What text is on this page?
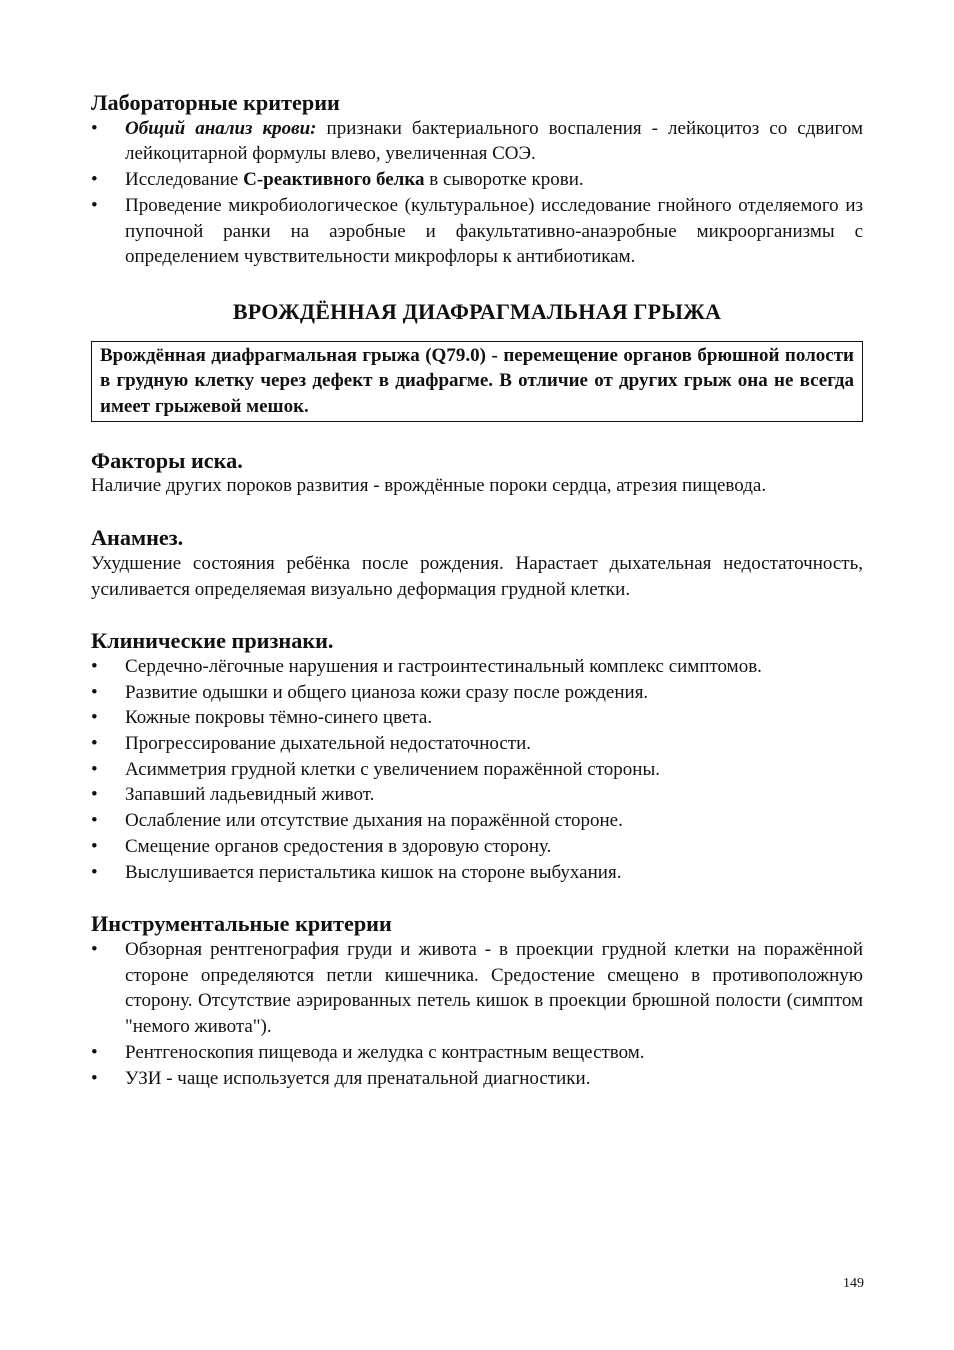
Лабораторные критерии
• Общий анализ крови: признаки бактериального воспаления - лейкоцитоз со сдвигом лейкоцитарной формулы влево, увеличенная СОЭ.
• Исследование С-реактивного белка в сыворотке крови.
• Проведение микробиологическое (культуральное) исследование гнойного отделяемого из пупочной ранки на аэробные и факультативно-анаэробные микроорганизмы с определением чувствительности микрофлоры к антибиотикам.
ВРОЖДЁННАЯ ДИАФРАГМАЛЬНАЯ ГРЫЖА
Врождённая диафрагмальная грыжа (Q79.0) - перемещение органов брюшной полости в грудную клетку через дефект в диафрагме. В отличие от других грыж она не всегда имеет грыжевой мешок.
Факторы иска.

Наличие других пороков развития - врождённые пороки сердца, атрезия пищевода.

Анамнез.

Ухудшение состояния ребёнка после рождения. Нарастает дыхательная недостаточность, усиливается определяемая визуально деформация грудной клетки.

Клинические признаки.
• Сердечно-лёгочные нарушения и гастроинтестинальный комплекс симптомов.
• Развитие одышки и общего цианоза кожи сразу после рождения.
• Кожные покровы тёмно-синего цвета.
• Прогрессирование дыхательной недостаточности.
• Асимметрия грудной клетки с увеличением поражённой стороны.
• Запавший ладьевидный живот.
• Ослабление или отсутствие дыхания на поражённой стороне.
• Смещение органов средостения в здоровую сторону.
• Выслушивается перистальтика кишок на стороне выбухания.
Инструментальные критерии
• Обзорная рентгенография груди и живота - в проекции грудной клетки на поражённой стороне определяются петли кишечника. Средостение смещено в противоположную сторону. Отсутствие аэрированных петель кишок в проекции брюшной полости (симптом "немого живота").
• Рентгеноскопия пищевода и желудка с контрастным веществом.
• УЗИ - чаще используется для пренатальной диагностики.
149
